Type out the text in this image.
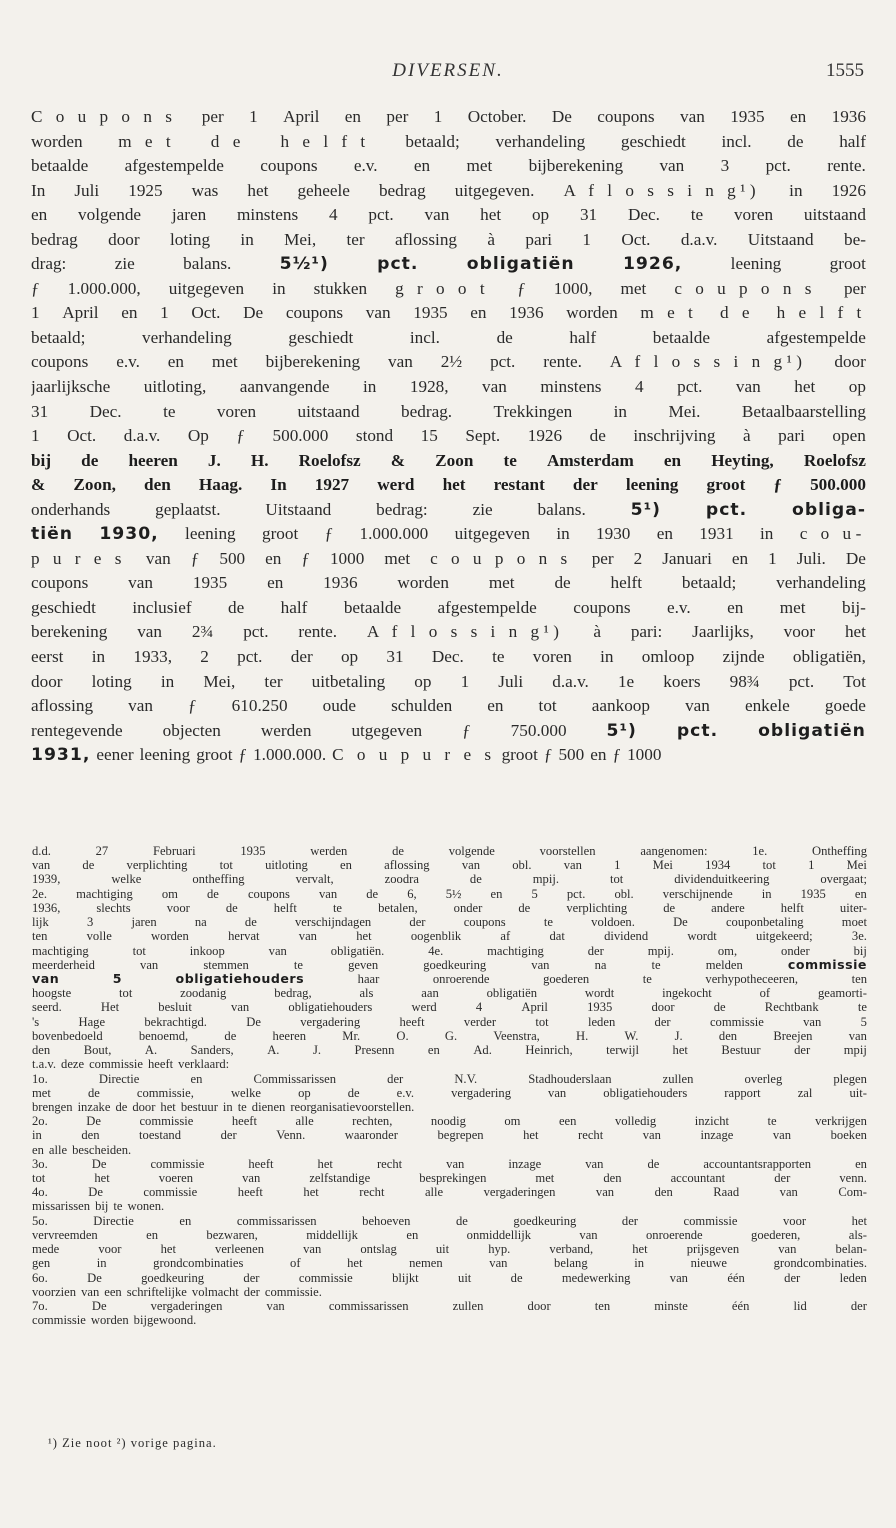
DIVERSEN.	1555
C o u p o n s per 1 April en per 1 October. De coupons van 1935 en 1936
worden m e t d e h e l f t betaald; verhandeling geschiedt incl. de half
betaalde afgestempelde coupons e.v. en met bijberekening van 3 pct. rente.
In Juli 1925 was het geheele bedrag uitgegeven. A f l o s s i n g¹) in 1926
en volgende jaren minstens 4 pct. van het op 31 Dec. te voren uitstaand
bedrag door loting in Mei, ter aflossing à pari 1 Oct. d.a.v. Uitstaand be-
drag:	zie	balans.	5½¹)	pct.	obligatiën	1926,	leening	groot
ƒ 1.000.000, uitgegeven in stukken g r o o t ƒ 1000, met c o u p o n s per
1 April en 1 Oct. De coupons van 1935 en 1936 worden m e t d e h e l f t
betaald;	verhandeling	geschiedt	incl.	de	half	betaalde	afgestempelde
coupons e.v. en met bijberekening van 2½ pct. rente. A f l o s s i n g¹) door
jaarlijksche uitloting, aanvangende in 1928, van minstens 4 pct. van het op
31 Dec. te voren uitstaand bedrag. Trekkingen in Mei. Betaalbaarstelling
1 Oct. d.a.v. Op ƒ 500.000 stond 15 Sept. 1926 de inschrijving à pari open
bij de heeren J. H. Roelofsz & Zoon te Amsterdam en Heyting, Roelofsz
& Zoon, den Haag. In 1927 werd het restant der leening groot ƒ 500.000
onderhands	geplaatst.	Uitstaand	bedrag:	zie	balans.	5¹)	pct.	obliga-
tiën 1930, leening groot ƒ 1.000.000 uitgegeven in 1930 en 1931 in c o u-
p u r e s van ƒ 500 en ƒ 1000 met c o u p o n s per 2 Januari en 1 Juli. De
coupons van 1935 en 1936 worden met de helft betaald; verhandeling
geschiedt inclusief de half betaalde afgestempelde coupons e.v. en met bij-
berekening van 2¾ pct. rente. A f l o s s i n g¹) à pari: Jaarlijks, voor het
eerst in 1933, 2 pct. der op 31 Dec. te voren in omloop zijnde obligatiën,
door loting in Mei, ter uitbetaling op 1 Juli d.a.v. 1e koers 98¾ pct. Tot
aflossing van ƒ 610.250 oude schulden en tot aankoop van enkele goede
rentegevende objecten werden utgegeven ƒ 750.000 5¹) pct. obligatiën
1931, eener leening groot ƒ 1.000.000. C o u p u r e s groot ƒ 500 en ƒ 1000
d.d.	27	Februari	1935	werden	de	volgende	voorstellen	aangenomen:	1e.	Ontheffing
van	de	verplichting	tot	uitloting	en	aflossing	van	obl.	van	1	Mei	1934	tot	1	Mei
1939,	welke	ontheffing	vervalt,	zoodra	de	mpij.	tot	dividenduitkeering	overgaat;
2e. machtiging om de coupons van de 6, 5½ en 5 pct. obl. verschijnende in 1935 en
1936,	slechts	voor	de	helft	te	betalen,	onder	de	verplichting	de	andere	helft	uiter-
lijk	3	jaren	na	de	verschijndagen	der	coupons	te	voldoen.	De	couponbetaling	moet
ten	volle	worden	hervat	van	het	oogenblik	af	dat	dividend	wordt	uitgekeerd;	3e.
machtiging	tot	inkoop	van	obligatiën.	4e.	machtiging	der	mpij.	om,	onder	bij
meerderheid	van	stemmen	te	geven	goedkeuring	van	na	te	melden	commissie
van	5	obligatiehouders	haar	onroerende	goederen	te	verhypotheceeren,	ten
hoogste	tot	zoodanig	bedrag,	als	aan	obligatiën	wordt	ingekocht	of	geamorti-
seerd.	Het	besluit	van	obligatiehouders	werd	4	April	1935	door	de	Rechtbank	te
's	Hage	bekrachtigd.	De	vergadering	heeft	verder	tot	leden	der	commissie	van	5
bovenbedoeld	benoemd,	de	heeren	Mr.	O.	G.	Veenstra,	H.	W.	J.	den	Breejen	van
den	Bout,	A.	Sanders,	A.	J.	Presenn	en	Ad.	Heinrich,	terwijl	het	Bestuur	der	mpij
t.a.v. deze commissie heeft verklaard:
1o.	Directie	en	Commissarissen	der	N.V.	Stadhouderslaan	zullen	overleg	plegen
met	de	commissie,	welke	op	de	e.v.	vergadering	van	obligatiehouders	rapport	zal	uit-
brengen inzake de door het bestuur in te dienen reorganisatievoorstellen.
2o.	De	commissie	heeft	alle	rechten,	noodig	om	een	volledig	inzicht	te	verkrijgen
in	den	toestand	der	Venn.	waaronder	begrepen	het	recht	van	inzage	van	boeken
en alle bescheiden.
3o.	De	commissie	heeft	het	recht	van	inzage	van	de	accountantsrapporten	en
tot	het	voeren	van	zelfstandige	besprekingen	met	den	accountant	der	venn.
4o.	De	commissie	heeft	het	recht	alle	vergaderingen	van	den	Raad	van	Com-
missarissen bij te wonen.
5o.	Directie	en	commissarissen	behoeven	de	goedkeuring	der	commissie	voor	het
vervreemden	en	bezwaren,	middellijk	en	onmiddellijk	van	onroerende	goederen,	als-
mede	voor	het	verleenen	van	ontslag	uit	hyp.	verband,	het	prijsgeven	van	belan-
gen	in	grondcombinaties	of	het	nemen	van	belang	in	nieuwe	grondcombinaties.
6o.	De	goedkeuring	der	commissie	blijkt	uit	de	medewerking	van	één	der	leden
voorzien van een schriftelijke volmacht der commissie.
7o.	De	vergaderingen	van	commissarissen	zullen	door	ten	minste	één	lid	der
commissie worden bijgewoond.
¹) Zie noot ²) vorige pagina.
